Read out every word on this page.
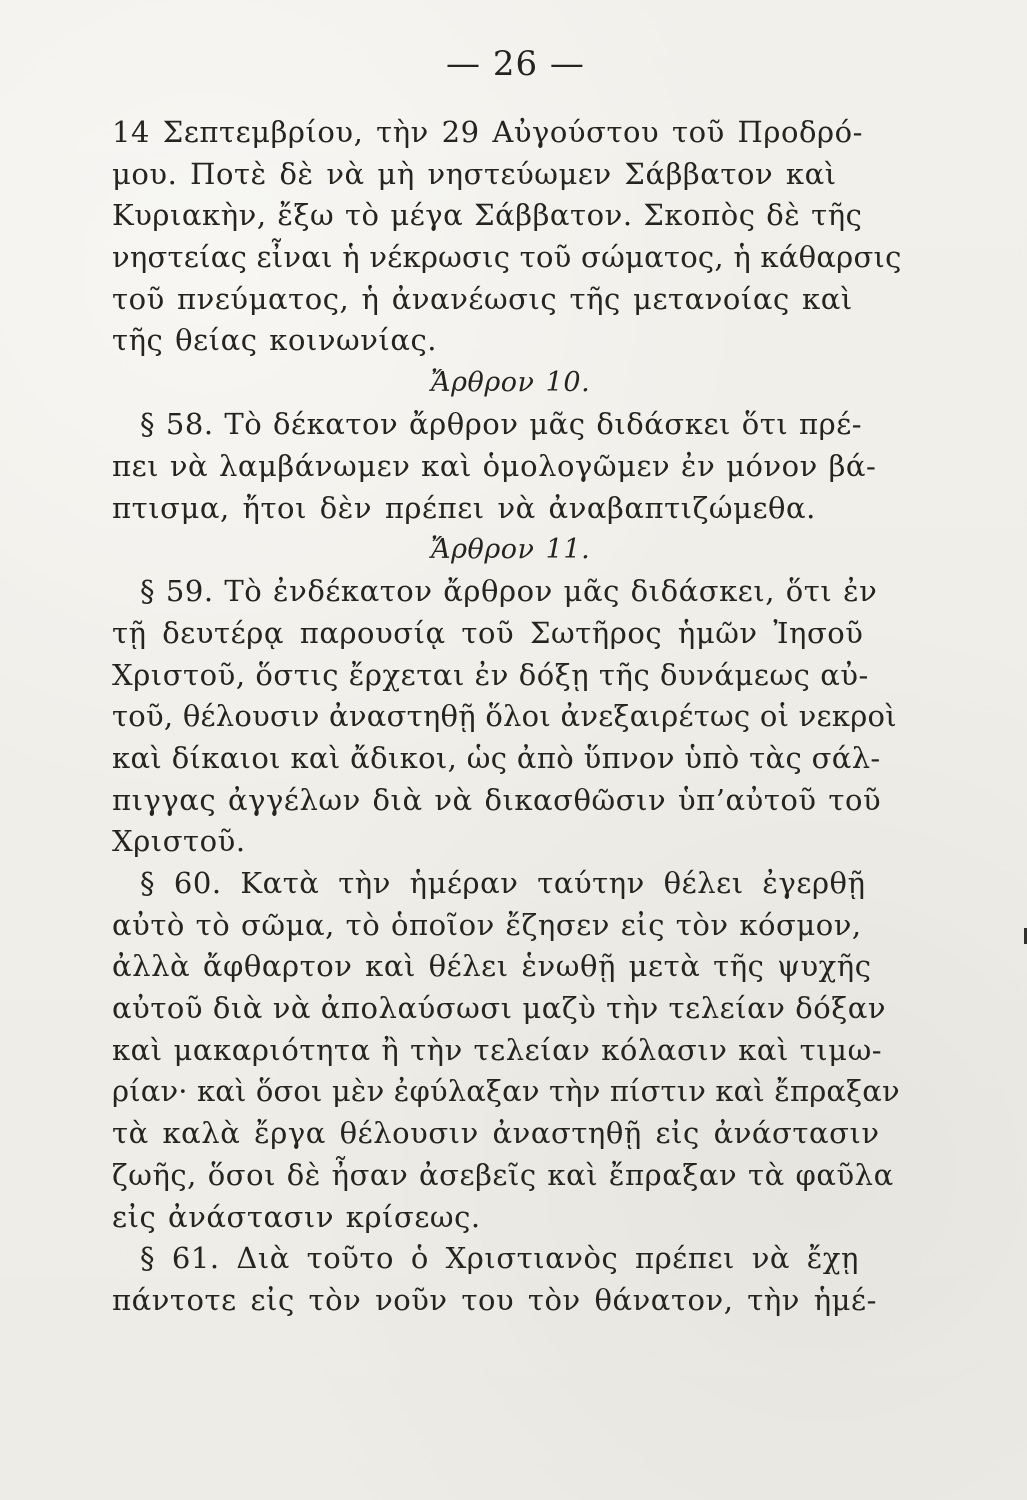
— 26 —
14 Σεπτεμβρίου, τὴν 29 Αὐγούστου τοῦ Προδρό-
μου. Ποτὲ δὲ νὰ μὴ νηστεύωμεν Σάββατον καὶ
Κυριακὴν, ἔξω τὸ μέγα Σάββατον. Σκοπὸς δὲ τῆς
νηστείας εἶναι ἡ νέκρωσις τοῦ σώματος, ἡ κάθαρσις
τοῦ πνεύματος, ἡ ἀνανέωσις τῆς μετανοίας καὶ
τῆς θείας κοινωνίας.
Ἄρθρον 10.
§ 58. Τὸ δέκατον ἄρθρον μᾶς διδάσκει ὅτι πρέ-
πει νὰ λαμβάνωμεν καὶ ὁμολογῶμεν ἐν μόνον βά-
πτισμα, ἤτοι δὲν πρέπει νὰ ἀναβαπτιζώμεθα.
Ἄρθρον 11.
§ 59. Τὸ ἐνδέκατον ἄρθρον μᾶς διδάσκει, ὅτι ἐν
τῇ δευτέρᾳ παρουσίᾳ τοῦ Σωτῆρος ἡμῶν Ἰησοῦ
Χριστοῦ, ὅστις ἔρχεται ἐν δόξῃ τῆς δυνάμεως αὐ-
τοῦ, θέλουσιν ἀναστηθῇ ὅλοι ἀνεξαιρέτως οἱ νεκροὶ
καὶ δίκαιοι καὶ ἄδικοι, ὡς ἀπὸ ὕπνον ὑπὸ τὰς σάλ-
πιγγας ἀγγέλων διὰ νὰ δικασθῶσιν ὑπ’αὐτοῦ τοῦ
Χριστοῦ.
§ 60. Κατὰ τὴν ἡμέραν ταύτην θέλει ἐγερθῇ
αὐτὸ τὸ σῶμα, τὸ ὁποῖον ἔζησεν εἰς τὸν κόσμον,
ἀλλὰ ἄφθαρτον καὶ θέλει ἑνωθῇ μετὰ τῆς ψυχῆς
αὐτοῦ διὰ νὰ ἀπολαύσωσι μαζὺ τὴν τελείαν δόξαν
καὶ μακαριότητα ἢ τὴν τελείαν κόλασιν καὶ τιμω-
ρίαν· καὶ ὅσοι μὲν ἐφύλαξαν τὴν πίστιν καὶ ἔπραξαν
τὰ καλὰ ἔργα θέλουσιν ἀναστηθῇ εἰς ἀνάστασιν
ζωῆς, ὅσοι δὲ ἦσαν ἀσεβεῖς καὶ ἔπραξαν τὰ φαῦλα
εἰς ἀνάστασιν κρίσεως.
§ 61. Διὰ τοῦτο ὁ Χριστιανὸς πρέπει νὰ ἔχῃ
πάντοτε εἰς τὸν νοῦν του τὸν θάνατον, τὴν ἡμέ-
